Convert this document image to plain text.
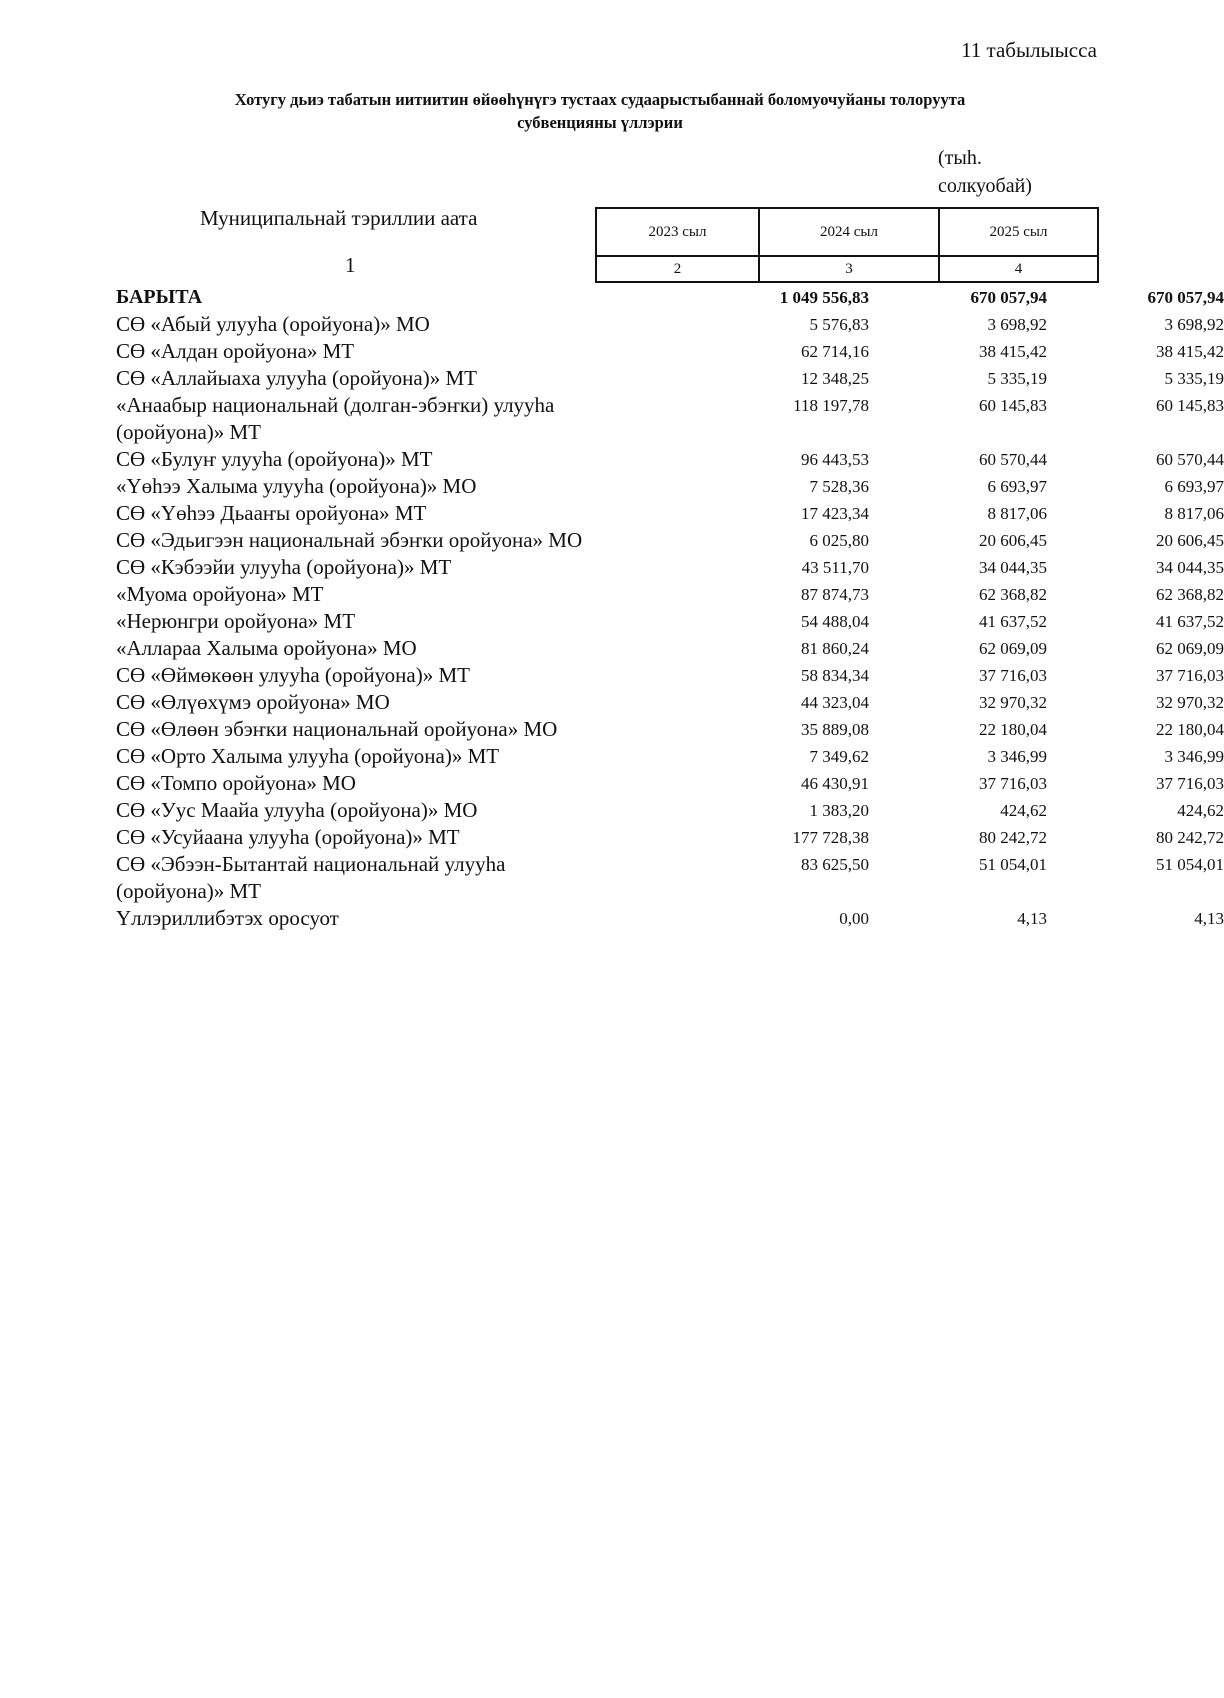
11 табылыысса
Хотугу дьиэ табатын иитиитин өйөөһүнүгэ тустаах судаарыстыбаннай боломуочуйаны толоруута
субвенцияны үллэрии
(тыһ.
солкуобай)
Муниципальнай тэриллии аата
1
2023 сыл	2024 сыл	2025 сыл
2	3	4
БАРЫТА	1 049 556,83	670 057,94	670 057,94
СӨ «Абый улууһа (оройуона)» МО	5 576,83	3 698,92	3 698,92
СӨ «Алдан оройуона» МТ	62 714,16	38 415,42	38 415,42
СӨ «Аллайыаха улууһа (оройуона)» МТ	12 348,25	5 335,19	5 335,19
«Анаабыр национальнай (долган-эбэҥки) улууһа (оройуона)» МТ
118 197,78	60 145,83	60 145,83
СӨ «Булуҥ улууһа (оройуона)» МТ	96 443,53	60 570,44	60 570,44
«Үөһээ Халыма улууһа (оройуона)» МО	7 528,36	6 693,97	6 693,97
СӨ «Үөһээ Дьааҥы оройуона» МТ	17 423,34	8 817,06	8 817,06
СӨ «Эдьигээн национальнай эбэҥки оройуона» МО	6 025,80	20 606,45	20 606,45
СӨ «Кэбээйи улууһа (оройуона)» МТ	43 511,70	34 044,35	34 044,35
«Муома оройуона» МТ	87 874,73	62 368,82	62 368,82
«Нерюнгри оройуона» МТ	54 488,04	41 637,52	41 637,52
«Аллараа Халыма оройуона» МО	81 860,24	62 069,09	62 069,09
СӨ «Өймөкөөн улууһа (оройуона)» МТ	58 834,34	37 716,03	37 716,03
СӨ «Өлүөхүмэ оройуона» МО	44 323,04	32 970,32	32 970,32
СӨ «Өлөөн эбэҥки национальнай оройуона» МО	35 889,08	22 180,04	22 180,04
СӨ «Орто Халыма улууһа (оройуона)» МТ	7 349,62	3 346,99	3 346,99
СӨ «Томпо оройуона» МО	46 430,91	37 716,03	37 716,03
СӨ «Уус Маайа улууһа (оройуона)» МО	1 383,20	424,62	424,62
СӨ «Усуйаана улууһа (оройуона)» МТ	177 728,38	80 242,72	80 242,72
СӨ «Эбээн-Бытантай национальнай улууһа (оройуона)» МТ
83 625,50	51 054,01	51 054,01
Үллэриллибэтэх оросуот	0,00	4,13	4,13
